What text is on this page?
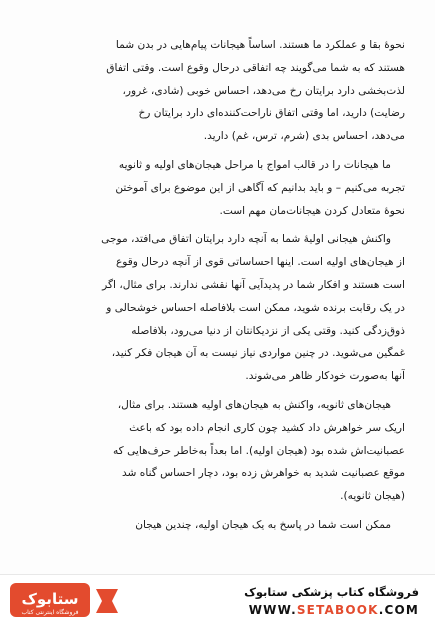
نحوهٔ بقا و عملکرد ما هستند. اساساً هیجانات پیام‌هایی در بدن شما
هستند که به شما می‌گویند چه اتفاقی درحال وقوع است. وقتی اتفاق
لذت‌بخشی دارد برایتان رخ می‌دهد، احساس خوبی (شادی، غرور،
رضایت) دارید، اما وقتی اتفاق ناراحت‌کننده‌ای دارد برایتان رخ
می‌دهد، احساس بدی (شرم، ترس، غم) دارید.
ما هیجانات را در قالب امواج با مراحل هیجان‌های اولیه و ثانویه
تجربه می‌کنیم – و باید بدانیم که آگاهی از این موضوع برای آموختن
نحوهٔ متعادل کردن هیجانات‌مان مهم است.
واکنش هیجانی اولیهٔ شما به آنچه دارد برایتان اتفاق می‌افتد، موجی
از هیجان‌های اولیه است. اینها احساساتی قوی از آنچه درحال وقوع
است هستند و افکار شما در پدیدآیی آنها نقشی ندارند. برای مثال، اگر
در یک رقابت برنده شوید، ممکن است بلافاصله احساس خوشحالی و
ذوق‌زدگی کنید. وقتی یکی از نزدیکانتان از دنیا می‌رود، بلافاصله
غمگین می‌شوید. در چنین مواردی نیاز نیست به آن هیجان فکر کنید،
آنها به‌صورت خودکار ظاهر می‌شوند.
هیجان‌های ثانویه، واکنش به هیجان‌های اولیه هستند. برای مثال،
اریک سر خواهرش داد کشید چون کاری انجام داده بود که باعث
عصبانیت‌اش شده بود (هیجان اولیه). اما بعداً به‌خاطر حرف‌هایی که
موقع عصبانیت شدید به خواهرش زده بود، دچار احساس گناه شد
(هیجان ثانویه).
ممکن است شما در پاسخ به یک هیجان اولیه، چندین هیجان
ستابوک
فروشگاه اینترنتی کتاب
فروشگاه کتاب پزشکی ستابوک
WWW.SETABOOK.COM
